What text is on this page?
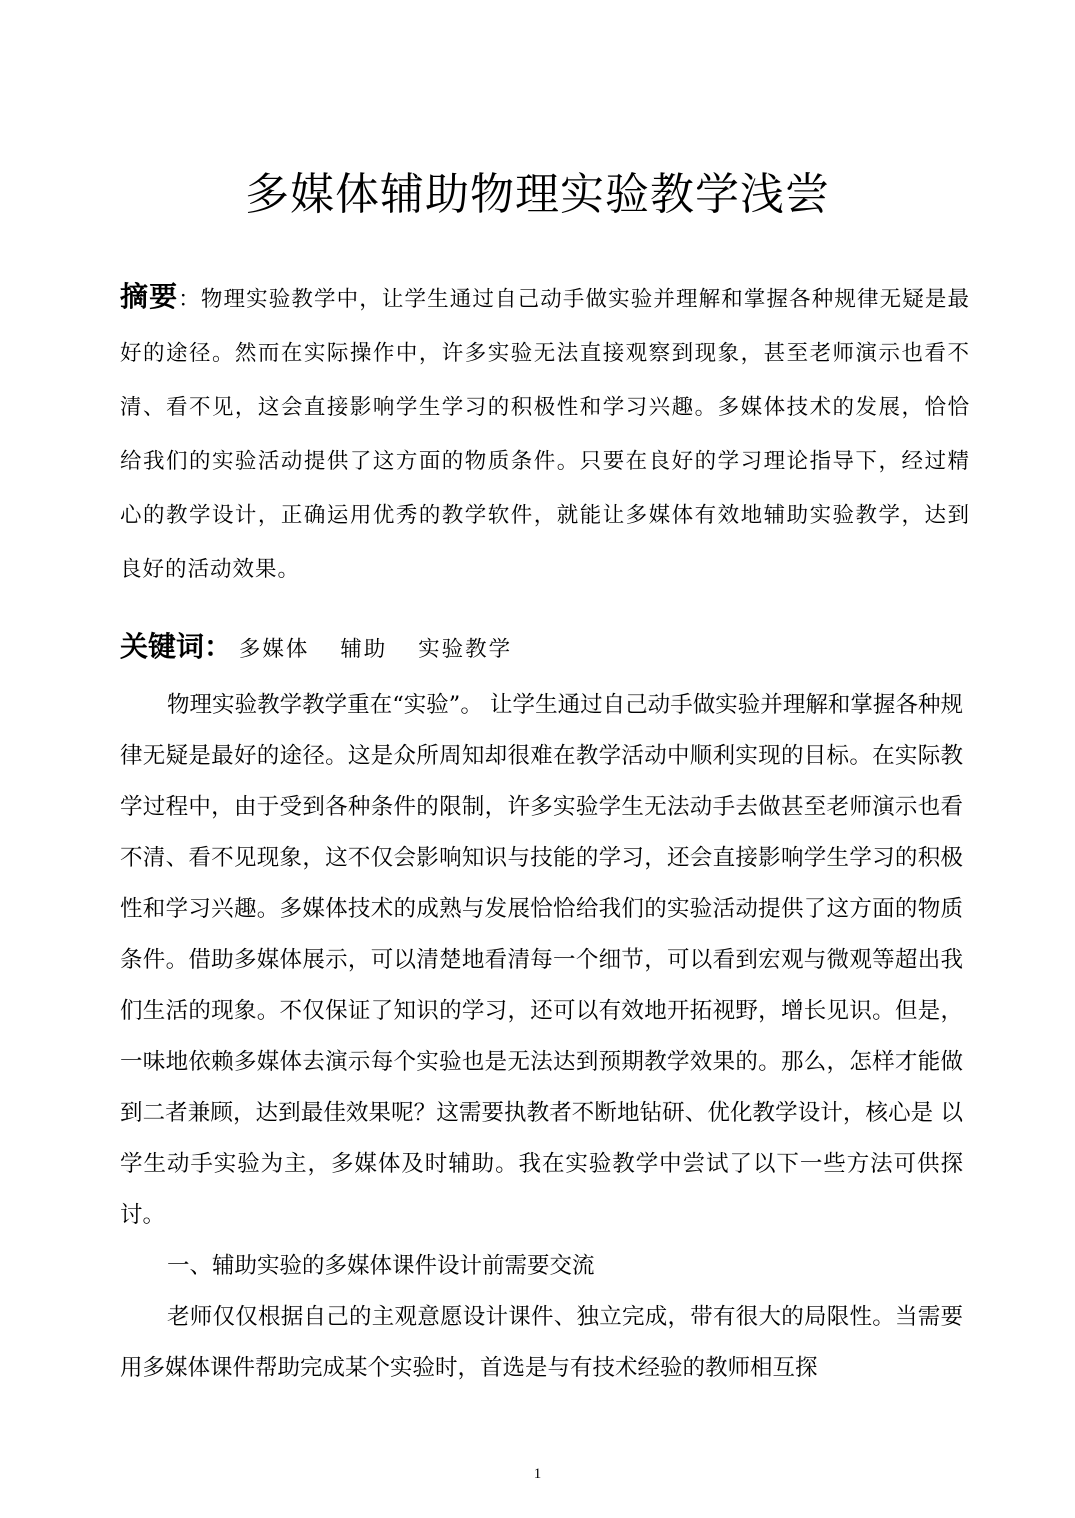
多媒体辅助物理实验教学浅尝
摘要：物理实验教学中，让学生通过自己动手做实验并理解和掌握各种规律无疑是最好的途径。然而在实际操作中，许多实验无法直接观察到现象，甚至老师演示也看不清、看不见，这会直接影响学生学习的积极性和学习兴趣。多媒体技术的发展，恰恰给我们的实验活动提供了这方面的物质条件。只要在良好的学习理论指导下，经过精心的教学设计，正确运用优秀的教学软件，就能让多媒体有效地辅助实验教学，达到良好的活动效果。
关键词： 多媒体 辅助 实验教学

物理实验教学教学重在“实验”。 让学生通过自己动手做实验并理解和掌握各种规律无疑是最好的途径。这是众所周知却很难在教学活动中顺利实现的目标。在实际教学过程中，由于受到各种条件的限制，许多实验学生无法动手去做甚至老师演示也看不清、看不见现象，这不仅会影响知识与技能的学习，还会直接影响学生学习的积极性和学习兴趣。多媒体技术的成熟与发展恰恰给我们的实验活动提供了这方面的物质条件。借助多媒体展示，可以清楚地看清每一个细节，可以看到宏观与微观等超出我们生活的现象。不仅保证了知识的学习，还可以有效地开拓视野，增长见识。但是，一味地依赖多媒体去演示每个实验也是无法达到预期教学效果的。那么，怎样才能做到二者兼顾，达到最佳效果呢？这需要执教者不断地钻研、优化教学设计，核心是 以学生动手实验为主，多媒体及时辅助。我在实验教学中尝试了以下一些方法可供探讨。

一、辅助实验的多媒体课件设计前需要交流

老师仅仅根据自己的主观意愿设计课件、独立完成，带有很大的局限性。当需要用多媒体课件帮助完成某个实验时，首选是与有技术经验的教师相互探

1
